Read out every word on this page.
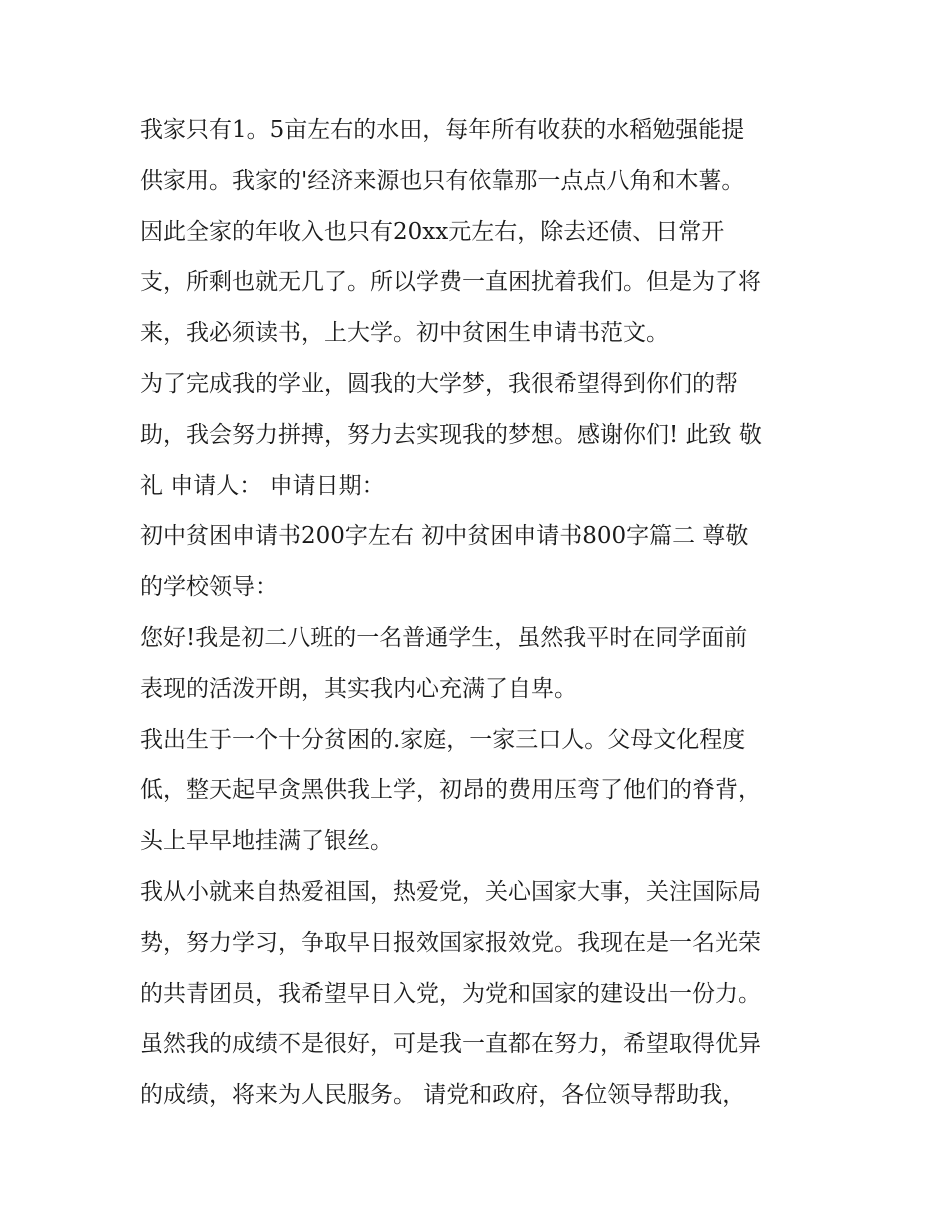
我家只有1。5亩左右的水田，每年所有收获的水稻勉强能提
供家用。我家的'经济来源也只有依靠那一点点八角和木薯。
因此全家的年收入也只有20xx元左右，除去还债、日常开
支，所剩也就无几了。所以学费一直困扰着我们。但是为了将
来，我必须读书，上大学。初中贫困生申请书范文。
为了完成我的学业，圆我的大学梦，我很希望得到你们的帮
助，我会努力拼搏，努力去实现我的梦想。感谢你们! 此致 敬
礼 申请人： 申请日期：
初中贫困申请书200字左右 初中贫困申请书800字篇二 尊敬
的学校领导：
您好!我是初二八班的一名普通学生，虽然我平时在同学面前
表现的活泼开朗，其实我内心充满了自卑。
我出生于一个十分贫困的.家庭，一家三口人。父母文化程度
低，整天起早贪黑供我上学，初昂的费用压弯了他们的脊背，
头上早早地挂满了银丝。
我从小就来自热爱祖国，热爱党，关心国家大事，关注国际局
势，努力学习，争取早日报效国家报效党。我现在是一名光荣
的共青团员，我希望早日入党，为党和国家的建设出一份力。
虽然我的成绩不是很好，可是我一直都在努力，希望取得优异
的成绩，将来为人民服务。 请党和政府，各位领导帮助我，
